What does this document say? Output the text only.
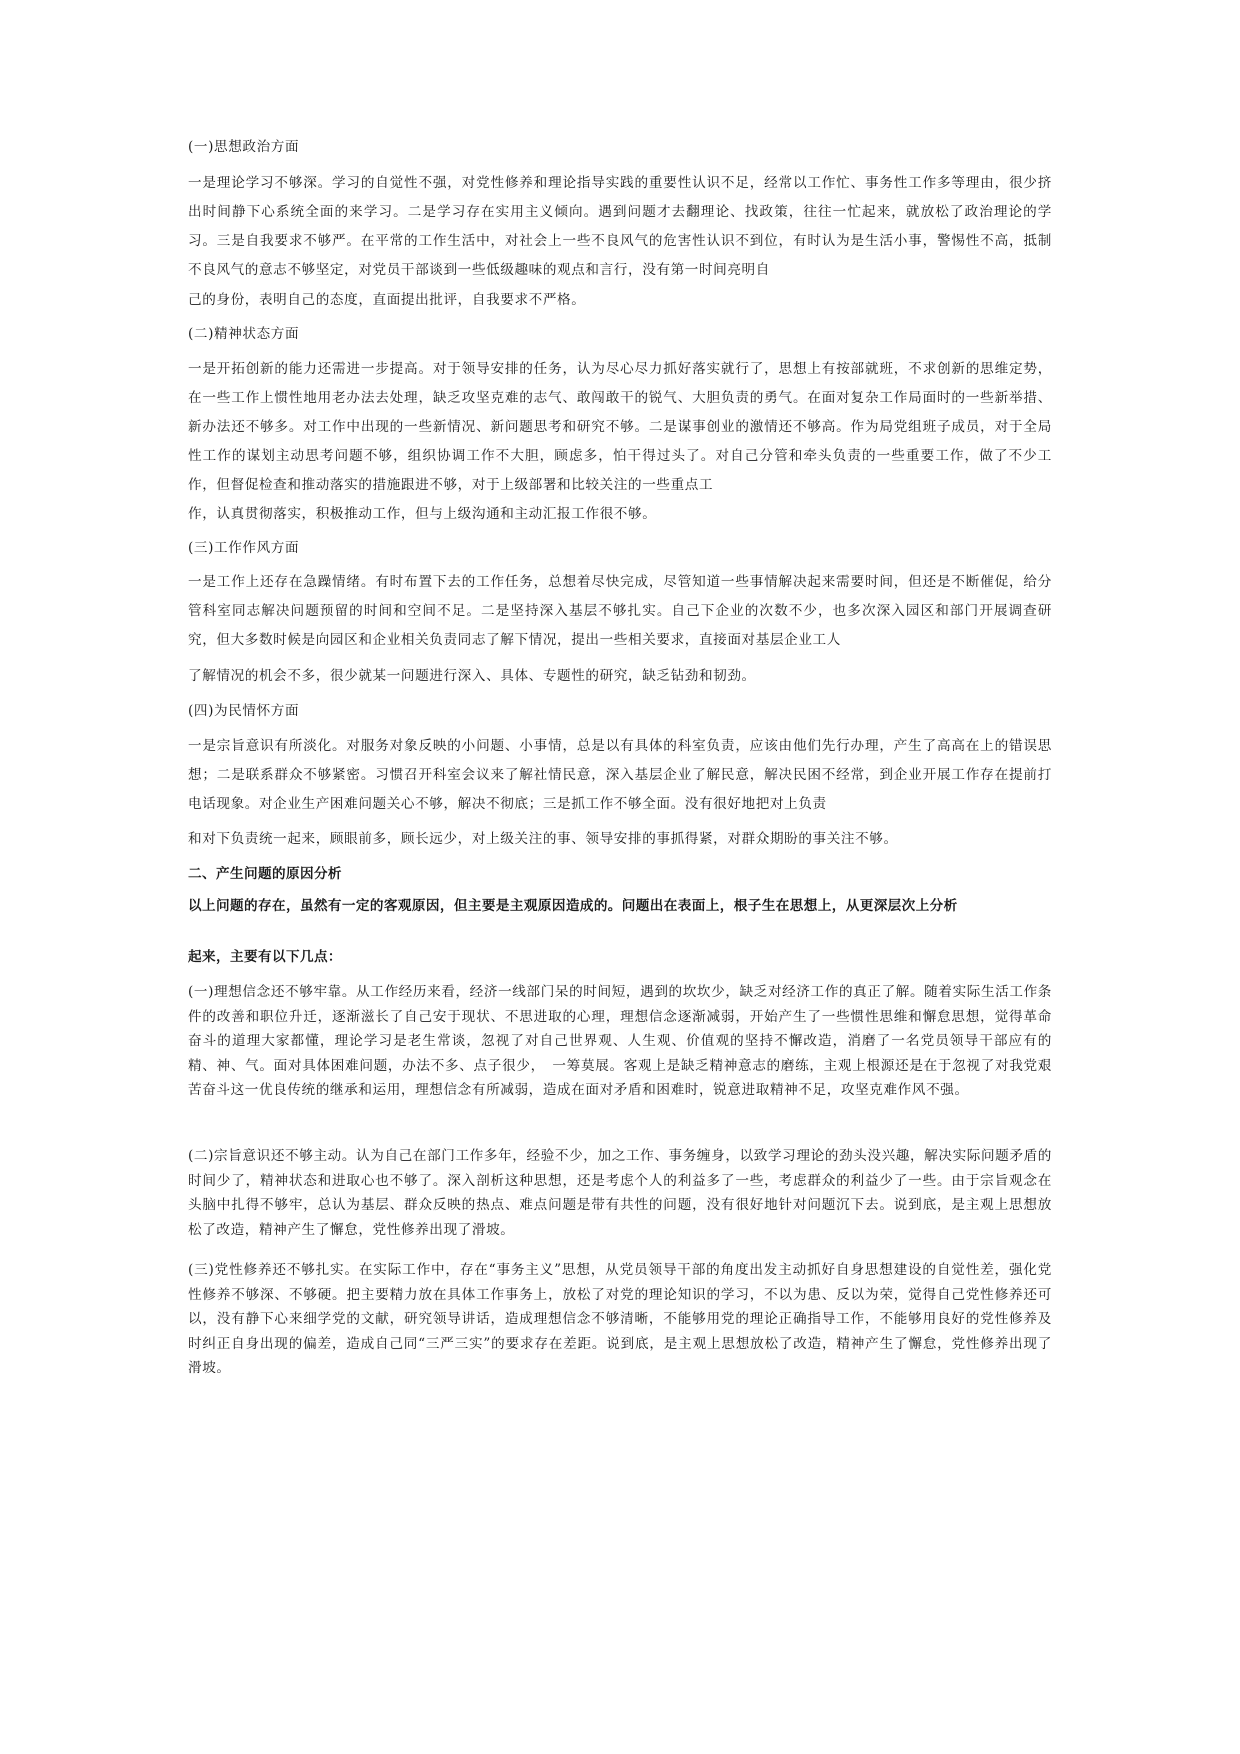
(一)思想政治方面

一是理论学习不够深。学习的自觉性不强，对党性修养和理论指导实践的重要性认识不足，经常以工作忙、事务性工作多等理由，很少挤出时间静下心系统全面的来学习。二是学习存在实用主义倾向。遇到问题才去翻理论、找政策，往往一忙起来，就放松了政治理论的学习。三是自我要求不够严。在平常的工作生活中，对社会上一些不良风气的危害性认识不到位，有时认为是生活小事，警惕性不高，抵制不良风气的意志不够坚定，对党员干部谈到一些低级趣味的观点和言行，没有第一时间亮明自

己的身份，表明自己的态度，直面提出批评，自我要求不严格。

(二)精神状态方面

一是开拓创新的能力还需进一步提高。对于领导安排的任务，认为尽心尽力抓好落实就行了，思想上有按部就班，不求创新的思维定势，在一些工作上惯性地用老办法去处理，缺乏攻坚克难的志气、敢闯敢干的锐气、大胆负责的勇气。在面对复杂工作局面时的一些新举措、新办法还不够多。对工作中出现的一些新情况、新问题思考和研究不够。二是谋事创业的激情还不够高。作为局党组班子成员，对于全局性工作的谋划主动思考问题不够，组织协调工作不大胆，顾虑多，怕干得过头了。对自己分管和牵头负责的一些重要工作，做了不少工作，但督促检查和推动落实的措施跟进不够，对于上级部署和比较关注的一些重点工

作，认真贯彻落实，积极推动工作，但与上级沟通和主动汇报工作很不够。

(三)工作作风方面

一是工作上还存在急躁情绪。有时布置下去的工作任务，总想着尽快完成，尽管知道一些事情解决起来需要时间，但还是不断催促，给分管科室同志解决问题预留的时间和空间不足。二是坚持深入基层不够扎实。自己下企业的次数不少，也多次深入园区和部门开展调查研究，但大多数时候是向园区和企业相关负责同志了解下情况，提出一些相关要求，直接面对基层企业工人

了解情况的机会不多，很少就某一问题进行深入、具体、专题性的研究，缺乏钻劲和韧劲。

(四)为民情怀方面

一是宗旨意识有所淡化。对服务对象反映的小问题、小事情，总是以有具体的科室负责，应该由他们先行办理，产生了高高在上的错误思想；二是联系群众不够紧密。习惯召开科室会议来了解社情民意，深入基层企业了解民意，解决民困不经常，到企业开展工作存在提前打电话现象。对企业生产困难问题关心不够，解决不彻底；三是抓工作不够全面。没有很好地把对上负责

和对下负责统一起来，顾眼前多，顾长远少，对上级关注的事、领导安排的事抓得紧，对群众期盼的事关注不够。

二、产生问题的原因分析

以上问题的存在，虽然有一定的客观原因，但主要是主观原因造成的。问题出在表面上，根子生在思想上，从更深层次上分析

起来，主要有以下几点：

(一)理想信念还不够牢靠。从工作经历来看，经济一线部门呆的时间短，遇到的坎坎少，缺乏对经济工作的真正了解。随着实际生活工作条件的改善和职位升迁，逐渐滋长了自己安于现状、不思进取的心理，理想信念逐渐减弱，开始产生了一些惯性思维和懈怠思想，觉得革命奋斗的道理大家都懂，理论学习是老生常谈，忽视了对自己世界观、人生观、价值观的坚持不懈改造，消磨了一名党员领导干部应有的精、神、气。面对具体困难问题，办法不多、点子很少，　一筹莫展。客观上是缺乏精神意志的磨练，主观上根源还是在于忽视了对我党艰苦奋斗这一优良传统的继承和运用，理想信念有所减弱，造成在面对矛盾和困难时，锐意进取精神不足，攻坚克难作风不强。

(二)宗旨意识还不够主动。认为自己在部门工作多年，经验不少，加之工作、事务缠身，以致学习理论的劲头没兴趣，解决实际问题矛盾的时间少了，精神状态和进取心也不够了。深入剖析这种思想，还是考虑个人的利益多了一些，考虑群众的利益少了一些。由于宗旨观念在头脑中扎得不够牢，总认为基层、群众反映的热点、难点问题是带有共性的问题，没有很好地针对问题沉下去。说到底，是主观上思想放松了改造，精神产生了懈怠，党性修养出现了滑坡。

(三)党性修养还不够扎实。在实际工作中，存在“事务主义”思想，从党员领导干部的角度出发主动抓好自身思想建设的自觉性差，强化党性修养不够深、不够硬。把主要精力放在具体工作事务上，放松了对党的理论知识的学习，不以为患、反以为荣，觉得自己党性修养还可以，没有静下心来细学党的文献，研究领导讲话，造成理想信念不够清晰，不能够用党的理论正确指导工作，不能够用良好的党性修养及时纠正自身出现的偏差，造成自己同“三严三实”的要求存在差距。说到底，是主观上思想放松了改造，精神产生了懈怠，党性修养出现了滑坡。
